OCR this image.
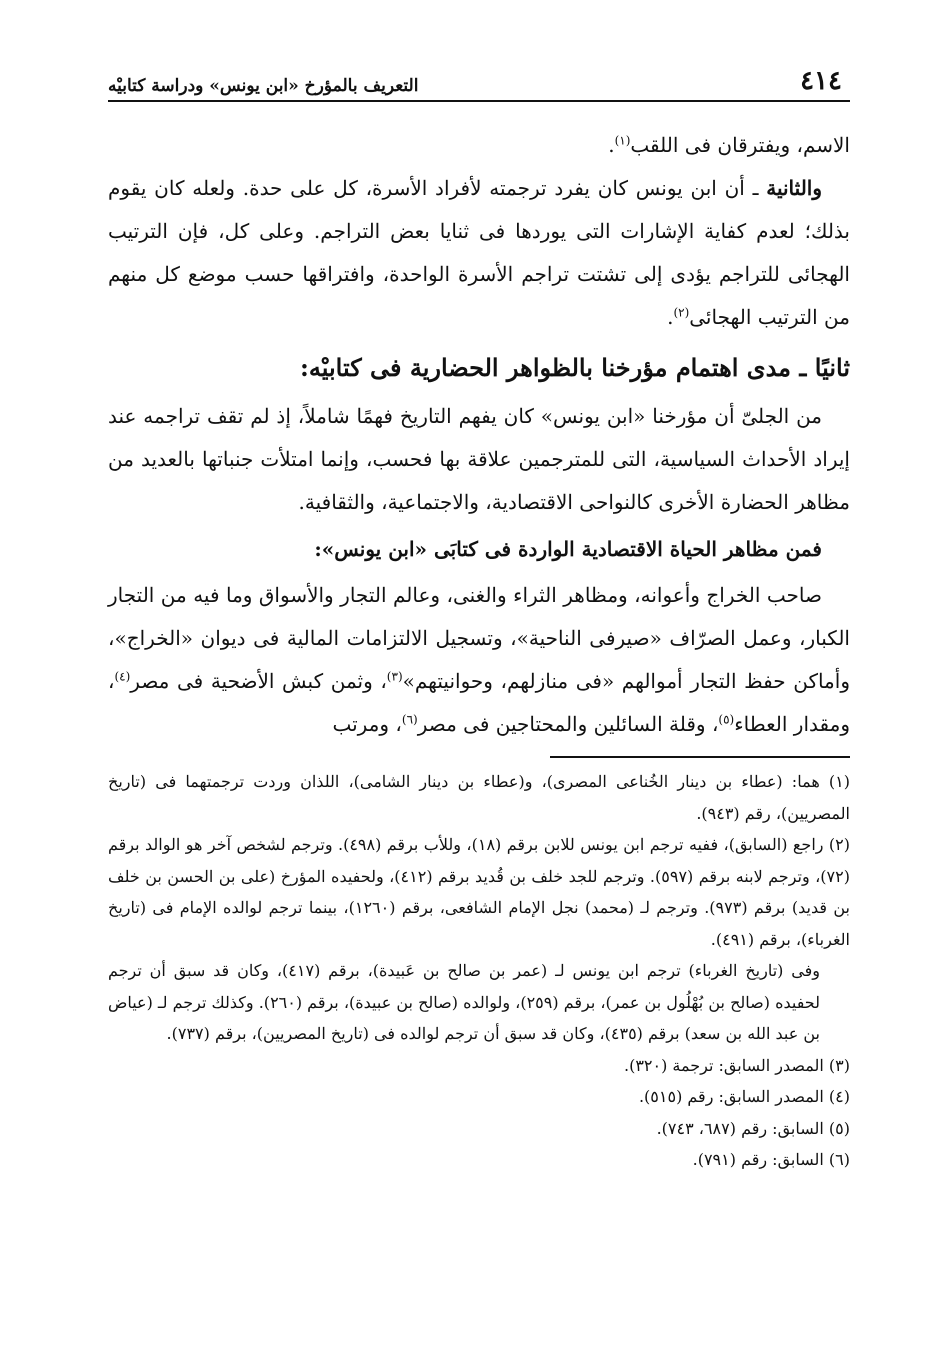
٤١٤
التعريف بالمؤرخ «ابن يونس» ودراسة كتابيْه

الاسم، ويفترقان فى اللقب$^{(١)}$.

والثانية ـ أن ابن يونس كان يفرد ترجمته لأفراد الأسرة، كل على حدة. ولعله كان يقوم بذلك؛ لعدم كفاية الإشارات التى يوردها فى ثنايا بعض التراجم. وعلى كل، فإن الترتيب الهجائى للتراجم يؤدى إلى تشتت تراجم الأسرة الواحدة، وافتراقها حسب موضع كل منهم من الترتيب الهجائى$^{(٢)}$.

ثانيًا ـ مدى اهتمام مؤرخنا بالظواهر الحضارية فى كتابيْه:

من الجلىّ أن مؤرخنا «ابن يونس» كان يفهم التاريخ فهمًا شاملاً، إذ لم تقف تراجمه عند إيراد الأحداث السياسية، التى للمترجمين علاقة بها فحسب، وإنما امتلأت جنباتها بالعديد من مظاهر الحضارة الأخرى كالنواحى الاقتصادية، والاجتماعية، والثقافية.

فمن مظاهر الحياة الاقتصادية الواردة فى كتابَى «ابن يونس»:

صاحب الخراج وأعوانه، ومظاهر الثراء والغنى، وعالم التجار والأسواق وما فيه من التجار الكبار، وعمل الصرّاف «صيرفى الناحية»، وتسجيل الالتزامات المالية فى ديوان «الخراج»، وأماكن حفظ التجار أموالهم «فى منازلهم، وحوانيتهم»$^{(٣)}$، وثمن كبش الأضحية فى مصر$^{(٤)}$، ومقدار العطاء$^{(٥)}$، وقلة السائلين والمحتاجين فى مصر$^{(٦)}$، ومرتب

(١) هما: (عطاء بن دينار الخُناعى المصرى)، و(عطاء بن دينار الشامى)، اللذان وردت ترجمتهما فى (تاريخ المصريين)، رقم (٩٤٣).

(٢) راجع (السابق)، ففيه ترجم ابن يونس للابن برقم (١٨)، وللأب برقم (٤٩٨). وترجم لشخص آخر هو الوالد برقم (٧٢)، وترجم لابنه برقم (٥٩٧). وترجم للجد خلف بن قُديد برقم (٤١٢)، ولحفيده المؤرخ (على بن الحسن بن خلف بن قديد) برقم (٩٧٣). وترجم لـ (محمد) نجل الإمام الشافعى، برقم (١٢٦٠)، بينما ترجم لوالده الإمام فى (تاريخ الغرباء)، برقم (٤٩١).

وفى (تاريخ الغرباء) ترجم ابن يونس لـ (عمر بن صالح بن عَبيدة)، برقم (٤١٧)، وكان قد سبق أن ترجم لحفيده (صالح بن بُهْلُول بن عمر)، برقم (٢٥٩)، ولوالده (صالح بن عبيدة)، برقم (٢٦٠). وكذلك ترجم لـ (عياض بن عبد الله بن سعد) برقم (٤٣٥)، وكان قد سبق أن ترجم لوالده فى (تاريخ المصريين)، برقم (٧٣٧).

(٣) المصدر السابق: ترجمة (٣٢٠).

(٤) المصدر السابق: رقم (٥١٥).

(٥) السابق: رقم (٦٨٧، ٧٤٣).

(٦) السابق: رقم (٧٩١).
